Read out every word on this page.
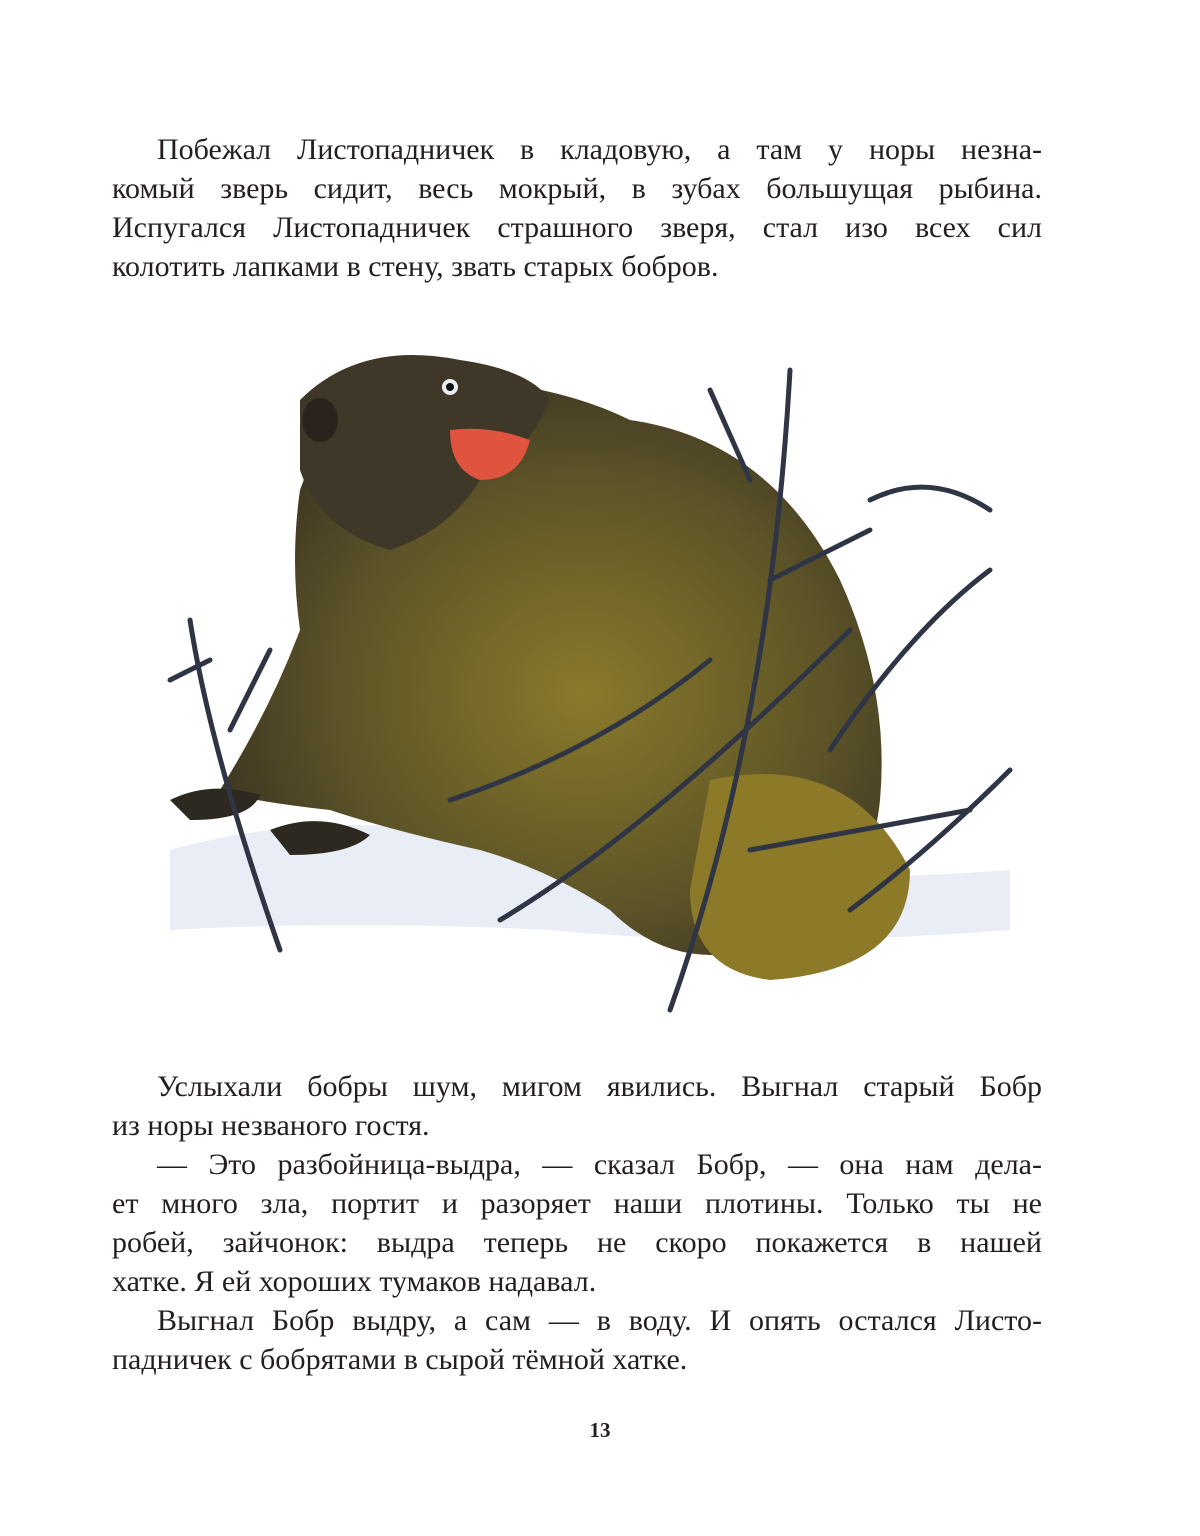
Побежал Листопадничек в кладовую, а там у норы незна-
комый зверь сидит, весь мокрый, в зубах большущая рыбина.
Испугался Листопадничек страшного зверя, стал изо всех сил
колотить лапками в стену, звать старых бобров.
Услыхали бобры шум, мигом явились. Выгнал старый Бобр
из норы незваного гостя.
— Это разбойница-выдра, — сказал Бобр, — она нам дела-
ет много зла, портит и разоряет наши плотины. Только ты не
робей, зайчонок: выдра теперь не скоро покажется в нашей
хатке. Я ей хороших тумаков надавал.
Выгнал Бобр выдру, а сам — в воду. И опять остался Листо-
падничек с бобрятами в сырой тёмной хатке.
13
